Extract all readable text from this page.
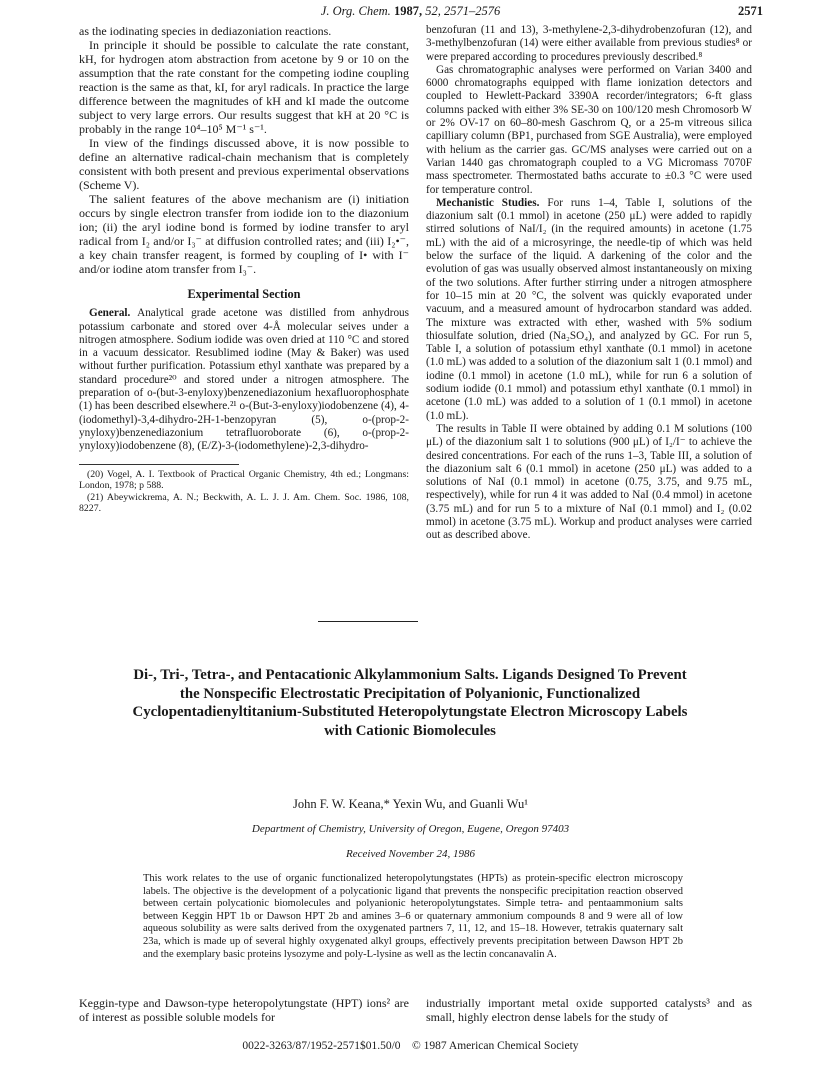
J. Org. Chem. 1987, 52, 2571–2576	2571

as the iodinating species in dediazoniation reactions.

In principle it should be possible to calculate the rate constant, kH, for hydrogen atom abstraction from acetone by 9 or 10 on the assumption that the rate constant for the competing iodine coupling reaction is the same as that, kI, for aryl radicals. In practice the large difference between the magnitudes of kH and kI made the outcome subject to very large errors. Our results suggest that kH at 20 °C is probably in the range 10⁴–10⁵ M⁻¹ s⁻¹.

In view of the findings discussed above, it is now possible to define an alternative radical-chain mechanism that is completely consistent with both present and previous experimental observations (Scheme V).

The salient features of the above mechanism are (i) initiation occurs by single electron transfer from iodide ion to the diazonium ion; (ii) the aryl iodine bond is formed by iodine transfer to aryl radical from I₂ and/or I₃⁻ at diffusion controlled rates; and (iii) I₂•⁻, a key chain transfer reagent, is formed by coupling of I• with I⁻ and/or iodine atom transfer from I₃⁻.

Experimental Section

General. Analytical grade acetone was distilled from anhydrous potassium carbonate and stored over 4-Å molecular seives under a nitrogen atmosphere. Sodium iodide was oven dried at 110 °C and stored in a vacuum dessicator. Resublimed iodine (May & Baker) was used without further purification. Potassium ethyl xanthate was prepared by a standard procedure²⁰ and stored under a nitrogen atmosphere. The preparation of o-(but-3-enyloxy)benzenediazonium hexafluorophosphate (1) has been described elsewhere.²¹ o-(But-3-enyloxy)iodobenzene (4), 4-(iodomethyl)-3,4-dihydro-2H-1-benzopyran (5), o-(prop-2-ynyloxy)benzenediazonium tetrafluoroborate (6), o-(prop-2-ynyloxy)iodobenzene (8), (E/Z)-3-(iodomethylene)-2,3-dihydro-

(20) Vogel, A. I. Textbook of Practical Organic Chemistry, 4th ed.; Longmans: London, 1978; p 588.

(21) Abeywickrema, A. N.; Beckwith, A. L. J. J. Am. Chem. Soc. 1986, 108, 8227.

benzofuran (11 and 13), 3-methylene-2,3-dihydrobenzofuran (12), and 3-methylbenzofuran (14) were either available from previous studies⁸ or were prepared according to procedures previously described.⁸

Gas chromatographic analyses were performed on Varian 3400 and 6000 chromatographs equipped with flame ionization detectors and coupled to Hewlett-Packard 3390A recorder/integrators; 6-ft glass columns packed with either 3% SE-30 on 100/120 mesh Chromosorb W or 2% OV-17 on 60–80-mesh Gaschrom Q, or a 25-m vitreous silica capilliary column (BP1, purchased from SGE Australia), were employed with helium as the carrier gas. GC/MS analyses were carried out on a Varian 1440 gas chromatograph coupled to a VG Micromass 7070F mass spectrometer. Thermostated baths accurate to ±0.3 °C were used for temperature control.

Mechanistic Studies. For runs 1–4, Table I, solutions of the diazonium salt (0.1 mmol) in acetone (250 μL) were added to rapidly stirred solutions of NaI/I₂ (in the required amounts) in acetone (1.75 mL) with the aid of a microsyringe, the needle-tip of which was held below the surface of the liquid. A darkening of the color and the evolution of gas was usually observed almost instantaneously on mixing of the two solutions. After further stirring under a nitrogen atmosphere for 10–15 min at 20 °C, the solvent was quickly evaporated under vacuum, and a measured amount of hydrocarbon standard was added. The mixture was extracted with ether, washed with 5% sodium thiosulfate solution, dried (Na₂SO₄), and analyzed by GC. For run 5, Table I, a solution of potassium ethyl xanthate (0.1 mmol) in acetone (1.0 mL) was added to a solution of the diazonium salt 1 (0.1 mmol) and iodine (0.1 mmol) in acetone (1.0 mL), while for run 6 a solution of sodium iodide (0.1 mmol) and potassium ethyl xanthate (0.1 mmol) in acetone (1.0 mL) was added to a solution of 1 (0.1 mmol) in acetone (1.0 mL).

The results in Table II were obtained by adding 0.1 M solutions (100 μL) of the diazonium salt 1 to solutions (900 μL) of I₂/I⁻ to achieve the desired concentrations. For each of the runs 1–3, Table III, a solution of the diazonium salt 6 (0.1 mmol) in acetone (250 μL) was added to a solutions of NaI (0.1 mmol) in acetone (0.75, 3.75, and 9.75 mL, respectively), while for run 4 it was added to NaI (0.4 mmol) in acetone (3.75 mL) and for run 5 to a mixture of NaI (0.1 mmol) and I₂ (0.02 mmol) in acetone (3.75 mL). Workup and product analyses were carried out as described above.

Di-, Tri-, Tetra-, and Pentacationic Alkylammonium Salts. Ligands Designed To Prevent the Nonspecific Electrostatic Precipitation of Polyanionic, Functionalized Cyclopentadienyltitanium-Substituted Heteropolytungstate Electron Microscopy Labels with Cationic Biomolecules
John F. W. Keana,* Yexin Wu, and Guanli Wu¹
Department of Chemistry, University of Oregon, Eugene, Oregon 97403
Received November 24, 1986

This work relates to the use of organic functionalized heteropolytungstates (HPTs) as protein-specific electron microscopy labels. The objective is the development of a polycationic ligand that prevents the nonspecific precipitation reaction observed between certain polycationic biomolecules and polyanionic heteropolytungstates. Simple tetra- and pentaammonium salts between Keggin HPT 1b or Dawson HPT 2b and amines 3–6 or quaternary ammonium compounds 8 and 9 were all of low aqueous solubility as were salts derived from the oxygenated partners 7, 11, 12, and 15–18. However, tetrakis quaternary salt 23a, which is made up of several highly oxygenated alkyl groups, effectively prevents precipitation between Dawson HPT 2b and the exemplary basic proteins lysozyme and poly-L-lysine as well as the lectin concanavalin A.

Keggin-type and Dawson-type heteropolytungstate (HPT) ions² are of interest as possible soluble models for

industrially important metal oxide supported catalysts³ and as small, highly electron dense labels for the study of

0022-3263/87/1952-2571$01.50/0 © 1987 American Chemical Society
